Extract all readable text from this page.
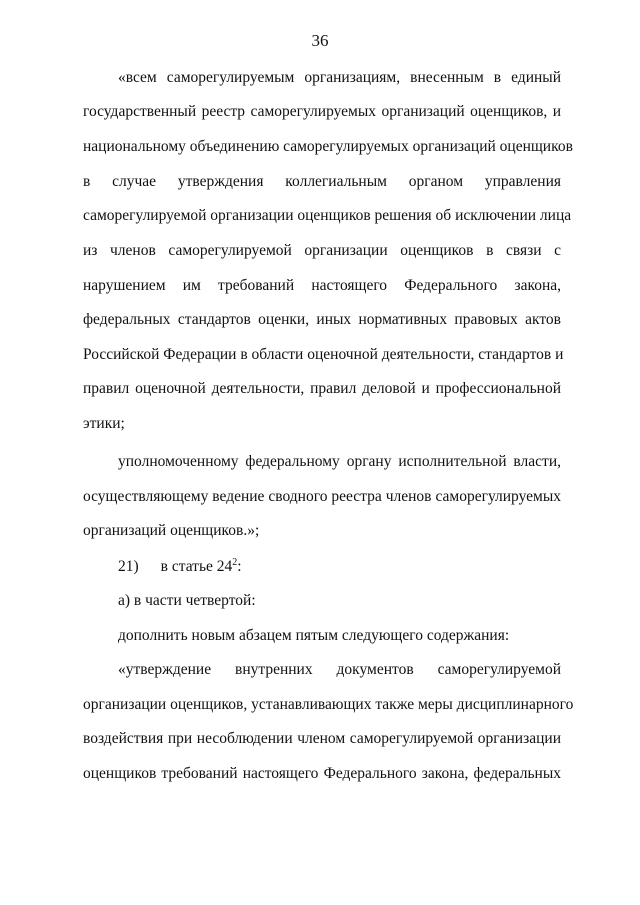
36
«всем саморегулируемым организациям, внесенным в единый
государственный реестр саморегулируемых организаций оценщиков, и
национальному объединению саморегулируемых организаций оценщиков
в случае утверждения коллегиальным органом управления
саморегулируемой организации оценщиков решения об исключении лица
из членов саморегулируемой организации оценщиков в связи с
нарушением им требований настоящего Федерального закона,
федеральных стандартов оценки, иных нормативных правовых актов
Российской Федерации в области оценочной деятельности, стандартов и
правил оценочной деятельности, правил деловой и профессиональной
этики;
уполномоченному федеральному органу исполнительной власти,
осуществляющему ведение сводного реестра членов саморегулируемых
организаций оценщиков.»;
21) в статье $24^2$:
а) в части четвертой:
дополнить новым абзацем пятым следующего содержания:
«утверждение внутренних документов саморегулируемой
организации оценщиков, устанавливающих также меры дисциплинарного
воздействия при несоблюдении членом саморегулируемой организации
оценщиков требований настоящего Федерального закона, федеральных
